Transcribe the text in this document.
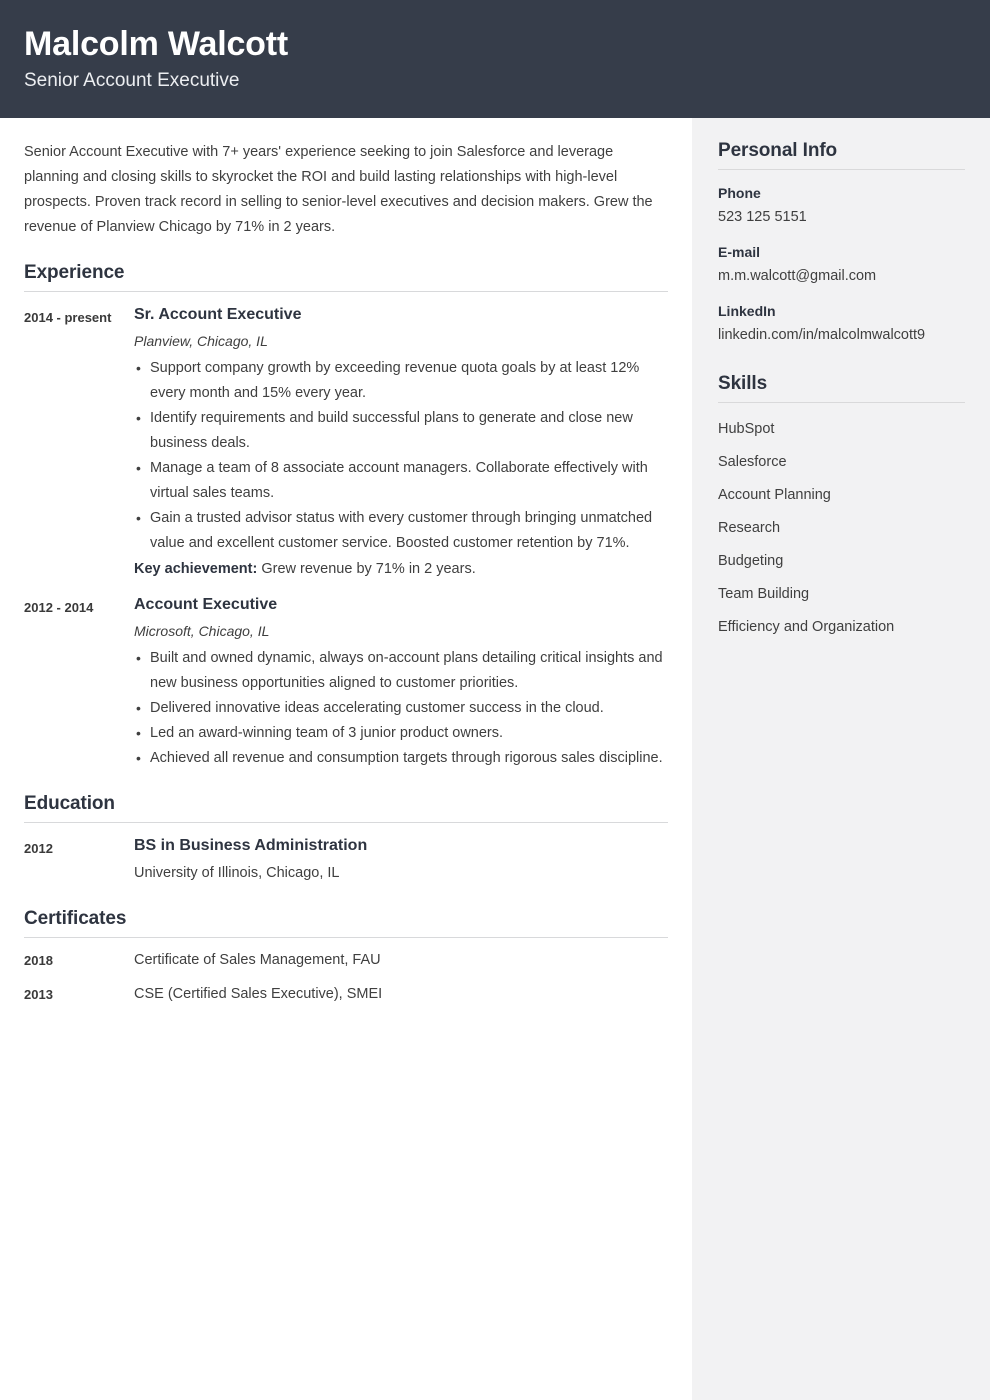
Malcolm Walcott
Senior Account Executive
Senior Account Executive with 7+ years' experience seeking to join Salesforce and leverage planning and closing skills to skyrocket the ROI and build lasting relationships with high-level prospects. Proven track record in selling to senior-level executives and decision makers. Grew the revenue of Planview Chicago by 71% in 2 years.
Experience
2014 - present	Sr. Account Executive
Planview, Chicago, IL
• Support company growth by exceeding revenue quota goals by at least 12% every month and 15% every year.
• Identify requirements and build successful plans to generate and close new business deals.
• Manage a team of 8 associate account managers. Collaborate effectively with virtual sales teams.
• Gain a trusted advisor status with every customer through bringing unmatched value and excellent customer service. Boosted customer retention by 71%.
Key achievement: Grew revenue by 71% in 2 years.
2012 - 2014	Account Executive
Microsoft, Chicago, IL
• Built and owned dynamic, always on-account plans detailing critical insights and new business opportunities aligned to customer priorities.
• Delivered innovative ideas accelerating customer success in the cloud.
• Led an award-winning team of 3 junior product owners.
• Achieved all revenue and consumption targets through rigorous sales discipline.
Education
2012	BS in Business Administration
University of Illinois, Chicago, IL
Certificates
2018	Certificate of Sales Management, FAU
2013	CSE (Certified Sales Executive), SMEI
Personal Info
Phone
523 125 5151
E-mail
m.m.walcott@gmail.com
LinkedIn
linkedin.com/in/malcolmwalcott9
Skills
HubSpot
Salesforce
Account Planning
Research
Budgeting
Team Building
Efficiency and Organization
